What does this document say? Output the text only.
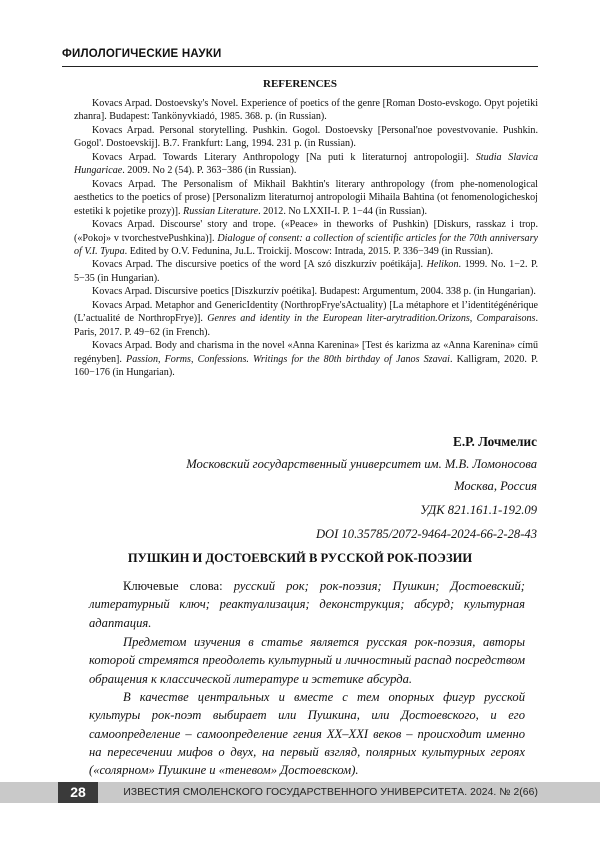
ФИЛОЛОГИЧЕСКИЕ НАУКИ
REFERENCES

Kovacs Arpad. Dostoevsky's Novel. Experience of poetics of the genre [Roman Dosto-evskogo. Opyt pojetiki zhanra]. Budapest: Tankönyvkiadó, 1985. 368. p. (in Russian).

Kovacs Arpad. Personal storytelling. Pushkin. Gogol. Dostoevsky [Personal'noe povestvovanie. Pushkin. Gogol'. Dostoevskij]. B.7. Frankfurt: Lang, 1994. 231 p. (in Russian).

Kovacs Arpad. Towards Literary Anthropology [Na puti k literaturnoj antropologii]. Studia Slavica Hungaricae. 2009. No 2 (54). P. 363−386 (in Russian).

Kovacs Arpad. The Personalism of Mikhail Bakhtin's literary anthropology (from phe-nomenological aesthetics to the poetics of prose) [Personalizm literaturnoj antropologii Mihaila Bahtina (ot fenomenologicheskoj estetiki k pojetike prozy)]. Russian Literature. 2012. No LXXII-I. P. 1−44 (in Russian).

Kovacs Arpad. Discourse' story and trope. («Peace» in theworks of Pushkin) [Diskurs, rasskaz i trop. («Pokoj» v tvorchestvePushkina)]. Dialogue of consent: a collection of scientific articles for the 70th anniversary of V.I. Tyupa. Edited by O.V. Fedunina, Ju.L. Troickij. Moscow: Intrada, 2015. P. 336−349 (in Russian).

Kovacs Arpad. The discursive poetics of the word [A szó diszkurzív poétikája]. Helikon. 1999. No. 1−2. P. 5−35 (in Hungarian).

Kovacs Arpad. Discursive poetics [Diszkurzív poétika]. Budapest: Argumentum, 2004. 338 p. (in Hungarian).

Kovacs Arpad. Metaphor and GenericIdentity (NorthropFrye'sActuality) [La métaphore et l’identitégénérique (L’actualité de NorthropFrye)]. Genres and identity in the European liter-arytradition.Orizons, Comparaisons. Paris, 2017. P. 49−62 (in French).

Kovacs Arpad. Body and charisma in the novel «Anna Karenina» [Test és karizma az «Anna Karenina» című regényben]. Passion, Forms, Confessions. Writings for the 80th birthday of Janos Szavai. Kalligram, 2020. P. 160−176 (in Hungarian).

Е.Р. Лочмелис
Московский государственный университет им. М.В. Ломоносова
Москва, Россия
УДК 821.161.1-192.09
DOI 10.35785/2072-9464-2024-66-2-28-43
ПУШКИН И ДОСТОЕВСКИЙ В РУССКОЙ РОК-ПОЭЗИИ

Ключевые слова: русский рок; рок-поэзия; Пушкин; Достоевский; литературный ключ; реактуализация; деконструкция; абсурд; культурная адаптация.

Предметом изучения в статье является русская рок-поэзия, авторы которой стремятся преодолеть культурный и личностный распад посредством обращения к классической литературе и эстетике абсурда.

В качестве центральных и вместе с тем опорных фигур русской культуры рок-поэт выбирает или Пушкина, или Достоевского, и его самоопределение – самоопределение гения XX–XXI веков – происходит именно на пересечении мифов о двух, на первый взгляд, полярных культурных героях («солярном» Пушкине и «теневом» Достоевском).

28	ИЗВЕСТИЯ СМОЛЕНСКОГО ГОСУДАРСТВЕННОГО УНИВЕРСИТЕТА. 2024. № 2(66)
